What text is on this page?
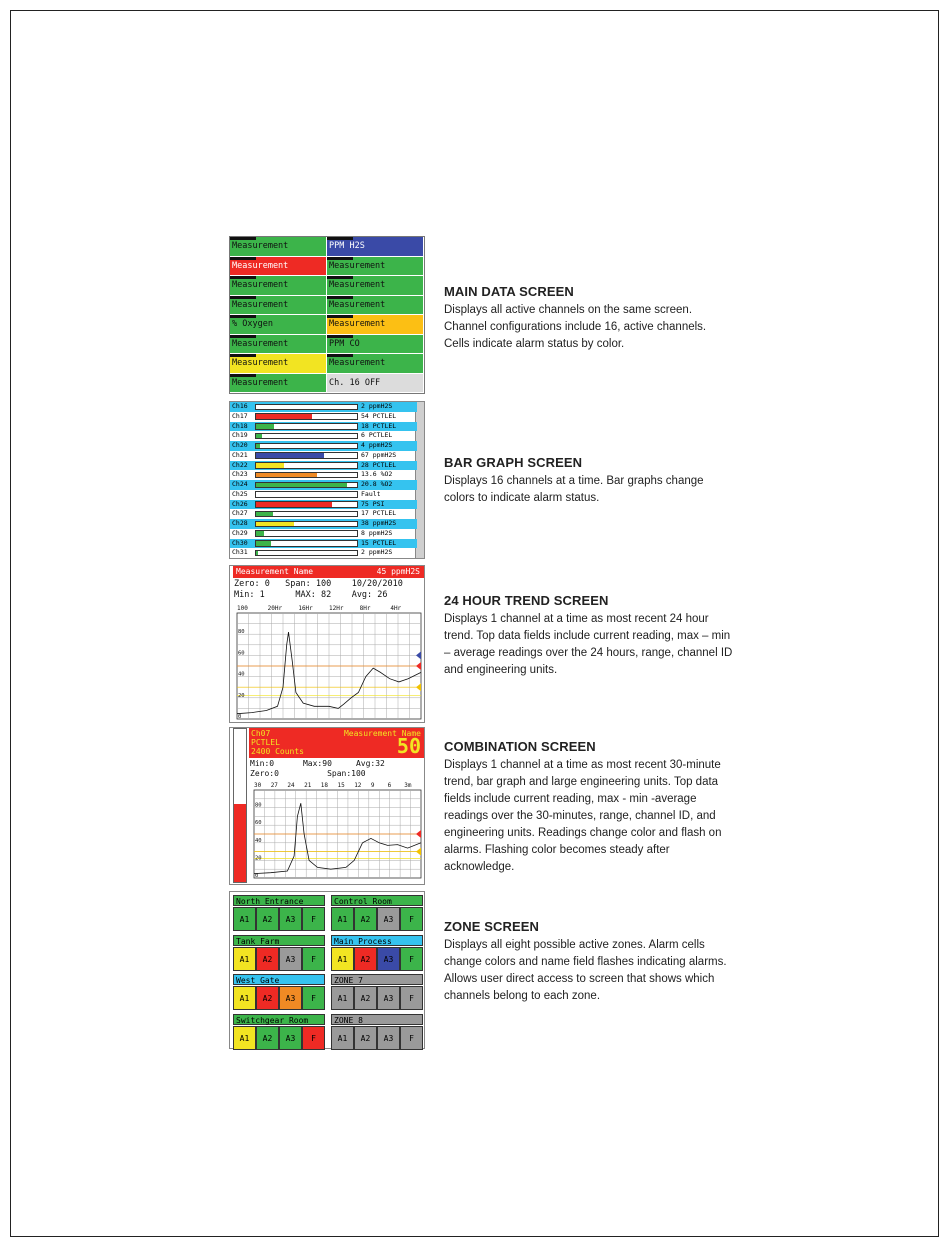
Measurement	PPM H2S
Measurement	Measurement
Measurement	Measurement
Measurement	Measurement
% Oxygen	Measurement
Measurement	PPM CO
Measurement	Measurement
Measurement	Ch. 16 OFF
MAIN DATA SCREEN
Displays all active channels on the same screen. Channel configurations include 16, active channels. Cells indicate alarm status by color.
Ch16	2 ppmH2S
Ch17	54 PCTLEL
Ch18	18 PCTLEL
Ch19	6 PCTLEL
Ch20	4 ppmH2S
Ch21	67 ppmH2S
Ch22	28 PCTLEL
Ch23	13.6 %O2
Ch24	20.8 %O2
Ch25	Fault
Ch26	75 PSI
Ch27	17 PCTLEL
Ch28	38 ppmH2S
Ch29	8 ppmH2S
Ch30	15 PCTLEL
Ch31	2 ppmH2S
BAR GRAPH SCREEN
Displays 16 channels at a time. Bar graphs change colors to indicate alarm status.
Measurement Name	45 ppmH2S
Zero: 0   Span: 100    10/20/2010
Min: 1      MAX: 82    Avg: 26
100	20Hr	16Hr	12Hr	8Hr	4Hr
80
60
40
20
0
24 HOUR TREND SCREEN
Displays 1 channel at a time as most recent 24 hour trend. Top data fields include current reading, max – min – average readings over the 24 hours, range, channel ID and engineering units.
Ch07	Measurement Name
PCTLEL
2400 Counts	50
Min:0      Max:90     Avg:32
Zero:0          Span:100
30 27 24 21 18 15 12 9 6 3m
80
60
40
20
0
COMBINATION SCREEN
Displays 1 channel at a time as most recent 30-minute trend, bar graph and large engineering units. Top data fields include current reading, max - min -average readings over the 30-minutes, range, channel ID, and engineering units. Readings change color and flash on alarms. Flashing color becomes steady after acknowledge.
North Entrance
A1	A2	A3	F
Control Room
A1	A2	A3	F
Tank Farm
A1	A2	A3	F
Main Process
A1	A2	A3	F
West Gate
A1	A2	A3	F
ZONE 7
A1	A2	A3	F
Switchgear Room
A1	A2	A3	F
ZONE 8
A1	A2	A3	F
ZONE SCREEN
Displays all eight possible active zones. Alarm cells change colors and name field flashes indicating alarms. Allows user direct access to screen that shows which channels belong to each zone.
